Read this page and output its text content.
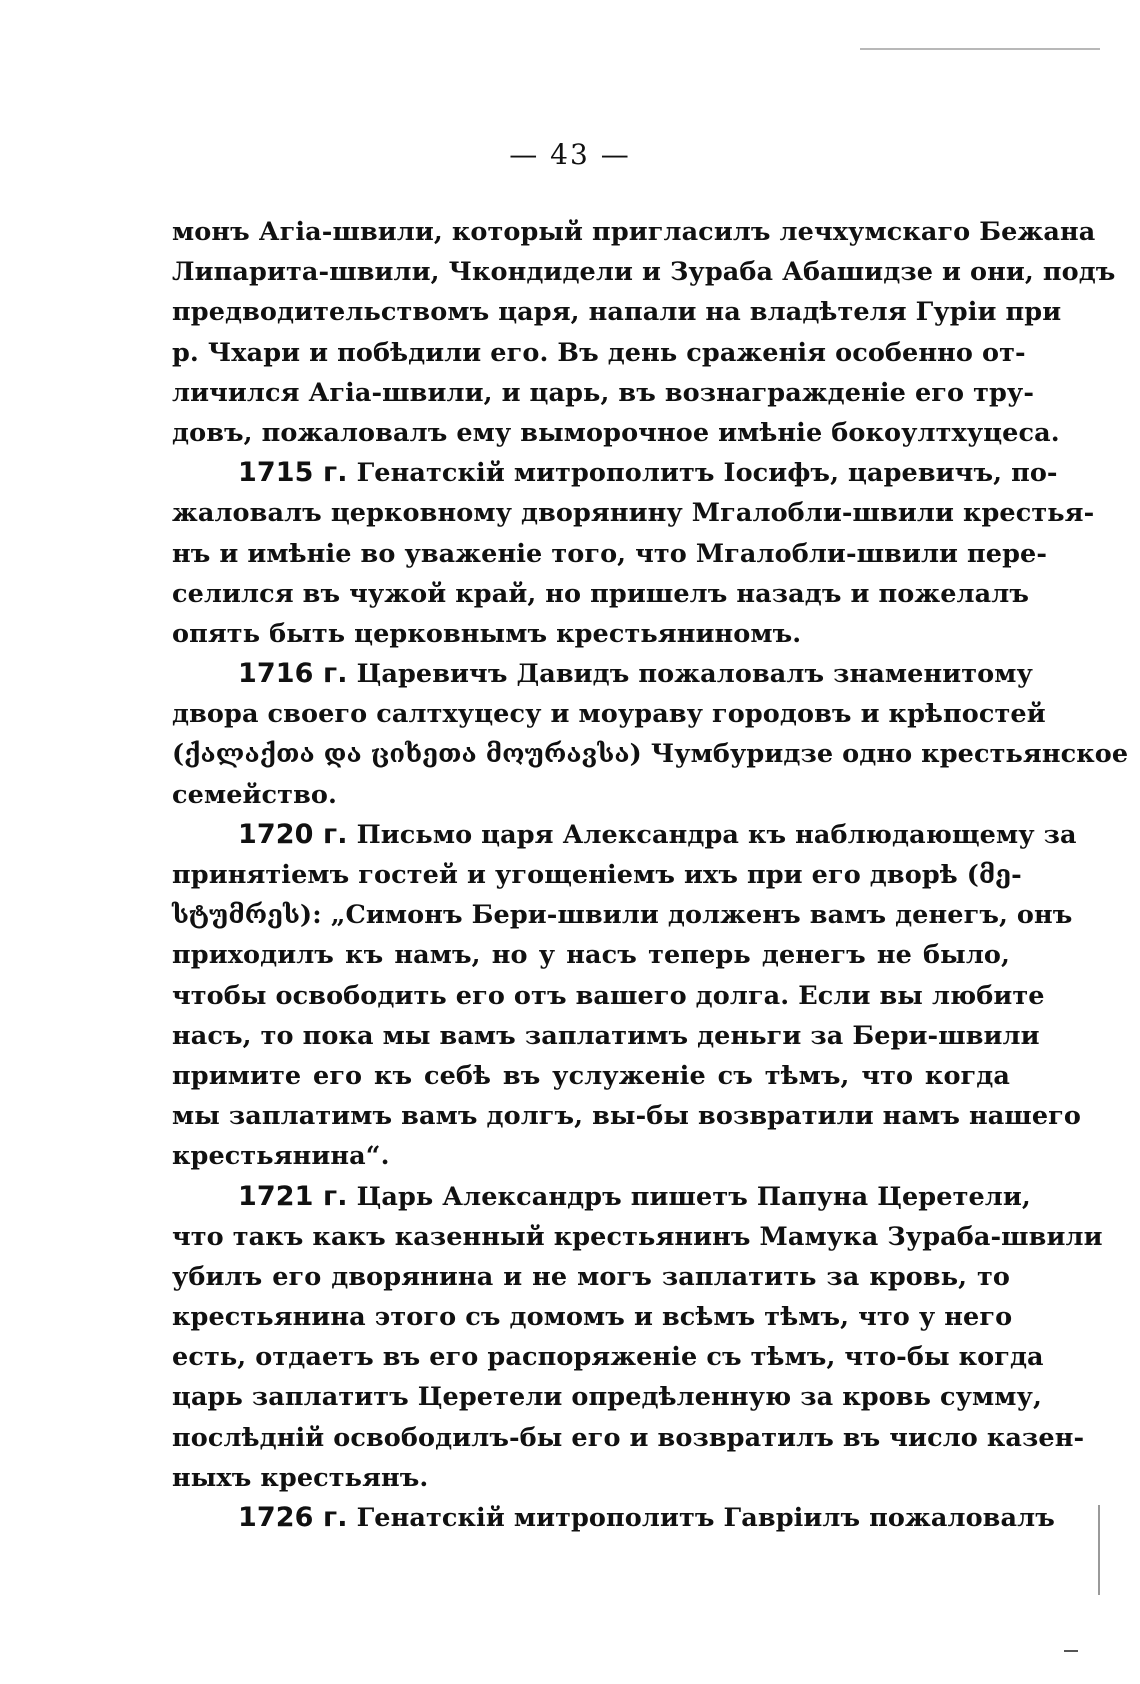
— 43 —
монъ Агіа-швили, который пригласилъ лечхумскаго Бежана
Липарита-швили, Чкондидели и Зураба Абашидзе и они, подъ
предводительствомъ царя, напали на владѣтеля Гуріи при
р. Чхари и побѣдили его. Въ день сраженія особенно от-
личился Агіа-швили, и царь, въ вознагражденіе его тру-
довъ, пожаловалъ ему выморочное имѣніе бокоултхуцеса.
1715 г. Генатскій митрополитъ Іосифъ, царевичъ, по-
жаловалъ церковному дворянину Мгалобли-швили крестья-
нъ и имѣніе во уваженіе того, что Мгалобли-швили пере-
селился въ чужой край, но пришелъ назадъ и пожелалъ
опять быть церковнымъ крестьяниномъ.
1716 г. Царевичъ Давидъ пожаловалъ знаменитому
двора своего салтхуцесу и моураву городовъ и крѣпостей
(ქალაქთა და ციხეთა მოურავსა) Чумбуридзе одно крестьянское
семейство.
1720 г. Письмо царя Александра къ наблюдающему за
принятіемъ гостей и угощеніемъ ихъ при его дворѣ (მე-
სტუმრეს): „Симонъ Бери-швили долженъ вамъ денегъ, онъ
приходилъ къ намъ, но у насъ теперь денегъ не было,
чтобы освободить его отъ вашего долга. Если вы любите
насъ, то пока мы вамъ заплатимъ деньги за Бери-швили
примите его къ себѣ въ услуженіе съ тѣмъ, что когда
мы заплатимъ вамъ долгъ, вы-бы возвратили намъ нашего
крестьянина“.
1721 г. Царь Александръ пишетъ Папуна Церетели,
что такъ какъ казенный крестьянинъ Мамука Зураба-швили
убилъ его дворянина и не могъ заплатить за кровь, то
крестьянина этого съ домомъ и всѣмъ тѣмъ, что у него
есть, отдаетъ въ его распоряженіе съ тѣмъ, что-бы когда
царь заплатитъ Церетели опредѣленную за кровь сумму,
послѣдній освободилъ-бы его и возвратилъ въ число казен-
ныхъ крестьянъ.
1726 г. Генатскій митрополитъ Гавріилъ пожаловалъ
